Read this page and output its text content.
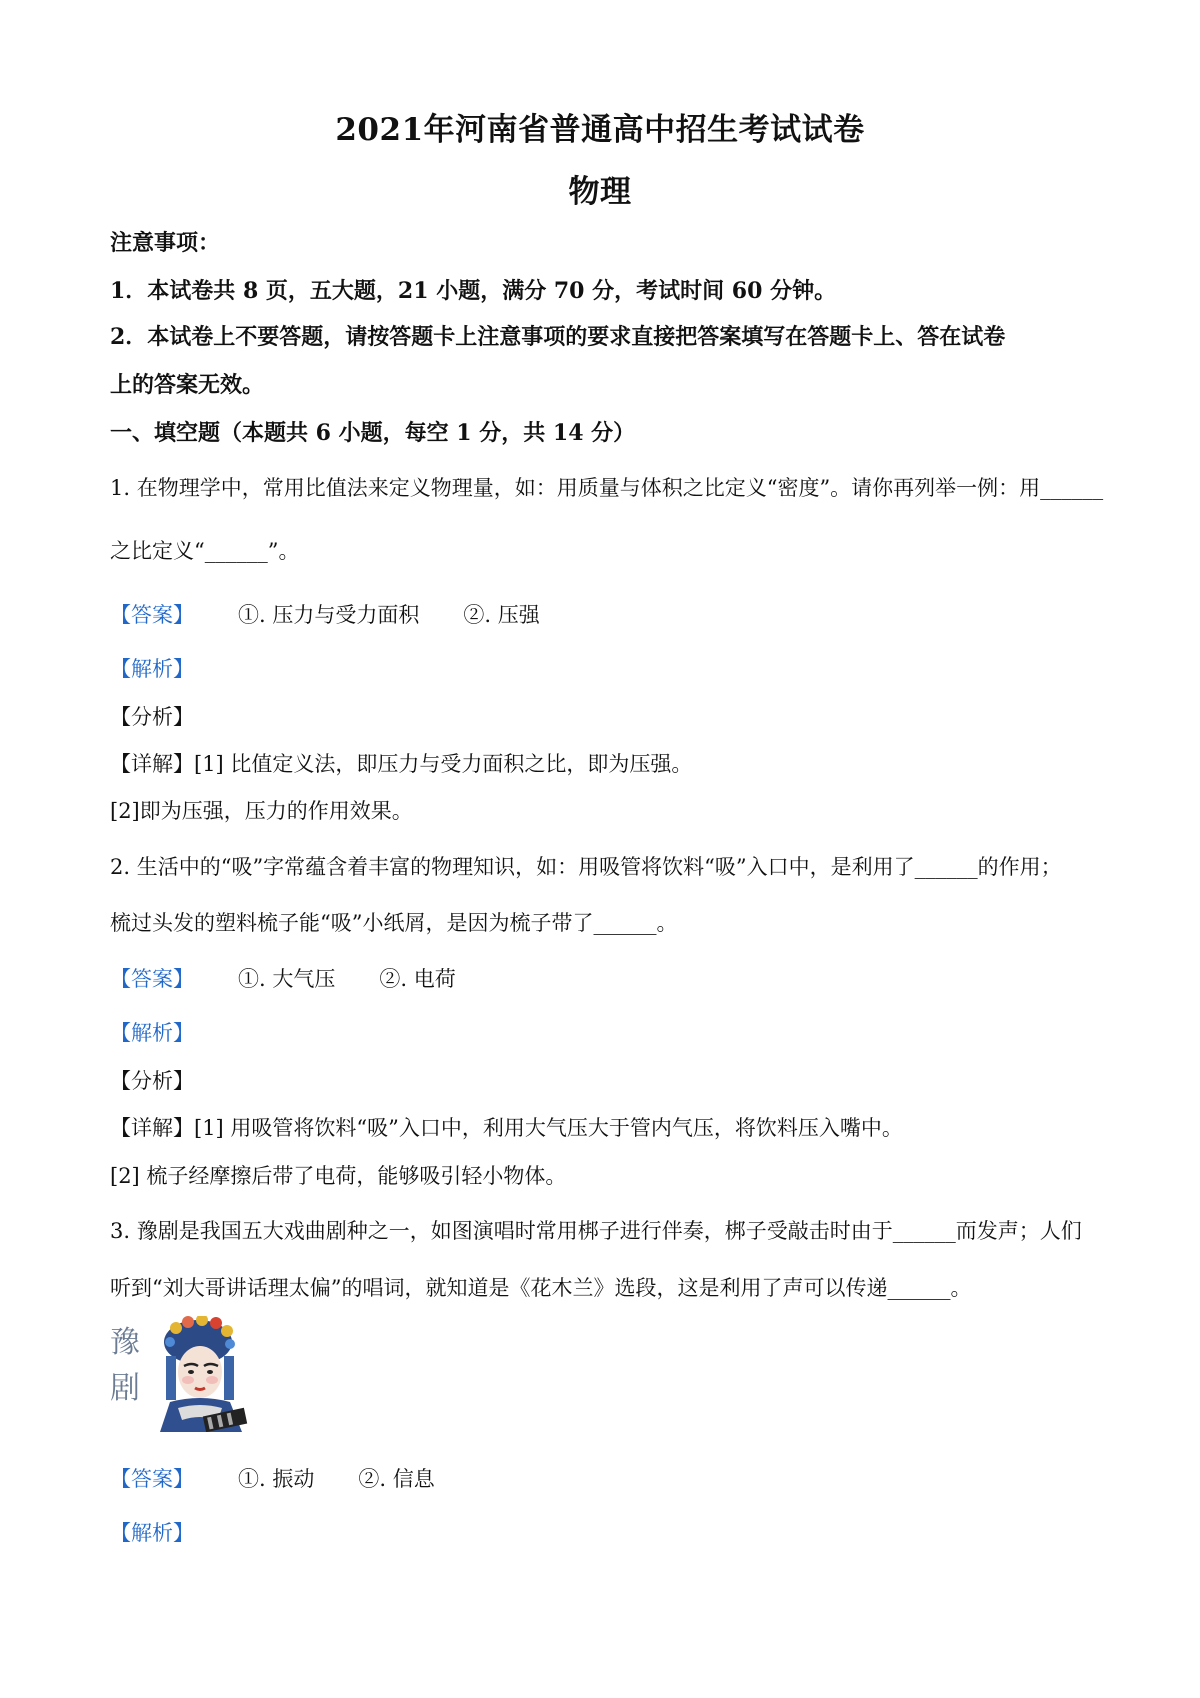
2021年河南省普通高中招生考试试卷
物理
注意事项：
1．本试卷共 8 页，五大题，21 小题，满分 70 分，考试时间 60 分钟。
2．本试卷上不要答题，请按答题卡上注意事项的要求直接把答案填写在答题卡上、答在试卷
上的答案无效。
一、填空题（本题共 6 小题，每空 1 分，共 14 分）
1. 在物理学中，常用比值法来定义物理量，如：用质量与体积之比定义“密度”。请你再列举一例：用______
之比定义“______”。
【答案】 ①. 压力与受力面积 ②. 压强
【解析】
【分析】
【详解】[1] 比值定义法，即压力与受力面积之比，即为压强。
[2]即为压强，压力的作用效果。
2. 生活中的“吸”字常蕴含着丰富的物理知识，如：用吸管将饮料“吸”入口中，是利用了______的作用；
梳过头发的塑料梳子能“吸”小纸屑，是因为梳子带了______。
【答案】 ①. 大气压 ②. 电荷
【解析】
【分析】
【详解】[1] 用吸管将饮料“吸”入口中，利用大气压大于管内气压，将饮料压入嘴中。
[2] 梳子经摩擦后带了电荷，能够吸引轻小物体。
3. 豫剧是我国五大戏曲剧种之一，如图演唱时常用梆子进行伴奏，梆子受敲击时由于______而发声；人们
听到“刘大哥讲话理太偏”的唱词，就知道是《花木兰》选段，这是利用了声可以传递______。
豫
剧
【答案】 ①. 振动 ②. 信息
【解析】
